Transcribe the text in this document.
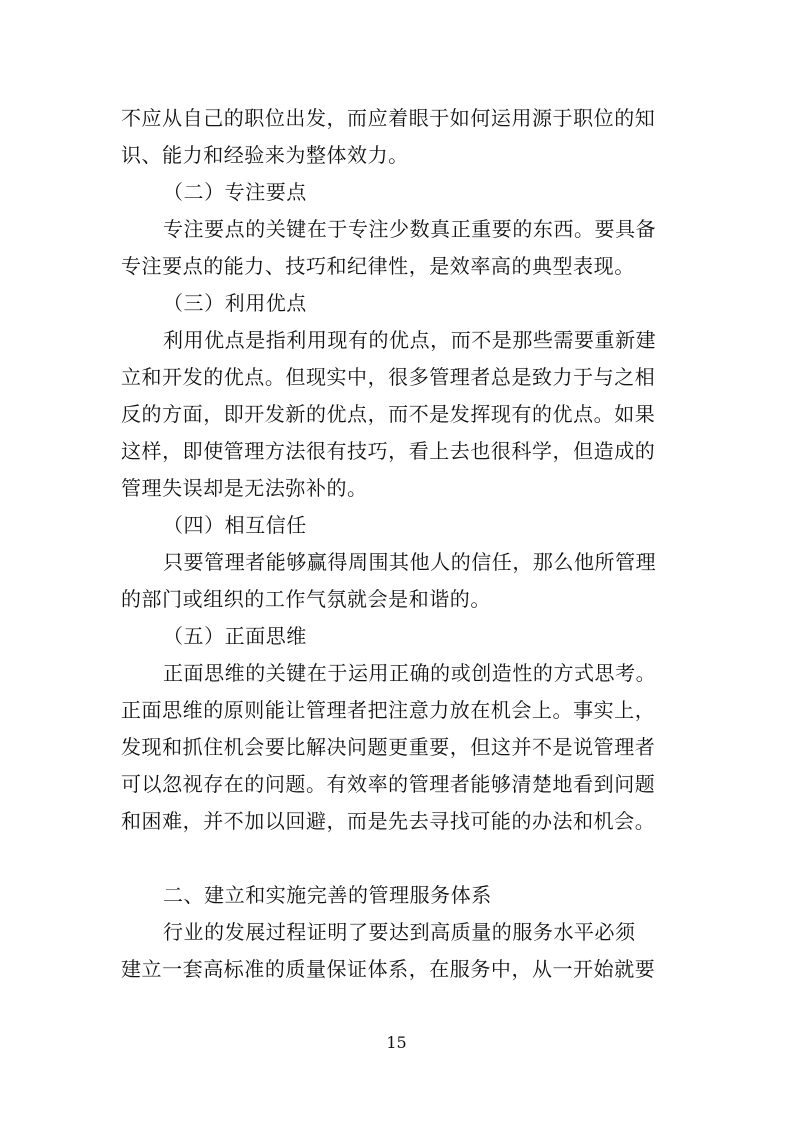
不应从自己的职位出发，而应着眼于如何运用源于职位的知
识、能力和经验来为整体效力。
（二）专注要点
专注要点的关键在于专注少数真正重要的东西。要具备
专注要点的能力、技巧和纪律性，是效率高的典型表现。
（三）利用优点
利用优点是指利用现有的优点，而不是那些需要重新建
立和开发的优点。但现实中，很多管理者总是致力于与之相
反的方面，即开发新的优点，而不是发挥现有的优点。如果
这样，即使管理方法很有技巧，看上去也很科学，但造成的
管理失误却是无法弥补的。
（四）相互信任
只要管理者能够赢得周围其他人的信任，那么他所管理
的部门或组织的工作气氛就会是和谐的。
（五）正面思维
正面思维的关键在于运用正确的或创造性的方式思考。
正面思维的原则能让管理者把注意力放在机会上。事实上，
发现和抓住机会要比解决问题更重要，但这并不是说管理者
可以忽视存在的问题。有效率的管理者能够清楚地看到问题
和困难，并不加以回避，而是先去寻找可能的办法和机会。
二、建立和实施完善的管理服务体系
行业的发展过程证明了要达到高质量的服务水平必须
建立一套高标准的质量保证体系，在服务中，从一开始就要
15
